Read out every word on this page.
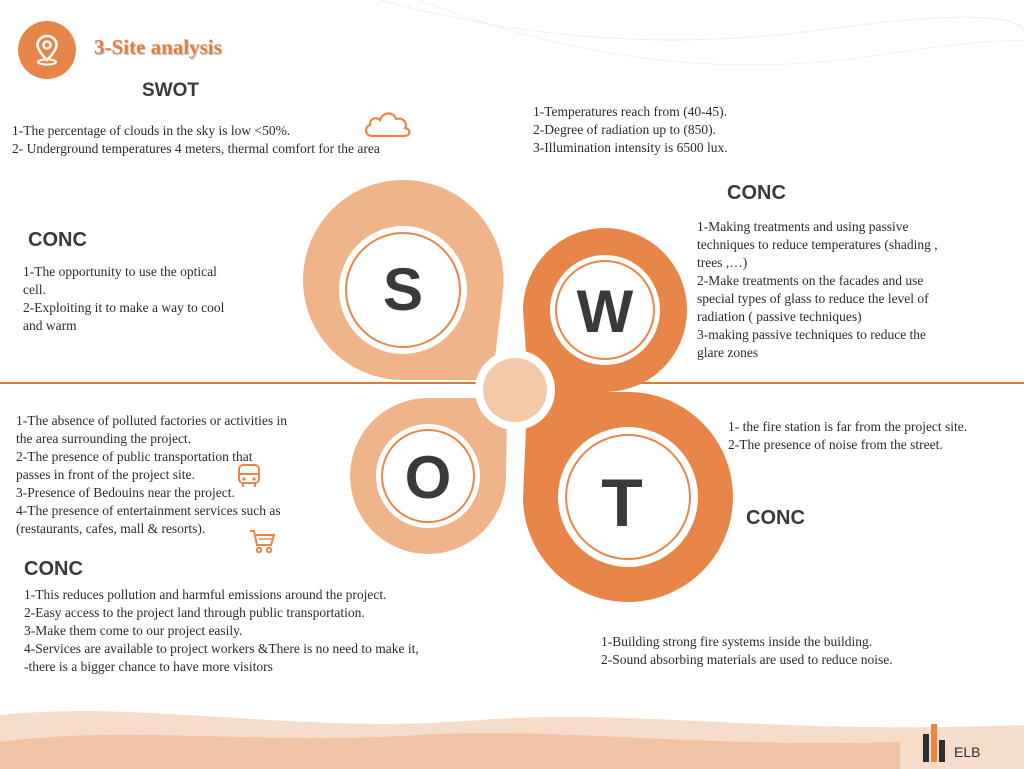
3-Site analysis
SWOT
1-The percentage of clouds in the sky is low <50%.
2- Underground temperatures 4 meters, thermal comfort for the area
CONC
1-The opportunity to use the optical
cell.
2-Exploiting it to make a way to cool
and warm
1-Temperatures reach from (40-45).
2-Degree of radiation up to (850).
3-Illumination intensity is 6500 lux.
CONC
1-Making treatments and using passive
techniques to reduce temperatures (shading ,
trees ,…)
2-Make treatments on the facades and use
special types of glass to reduce the level of
radiation ( passive techniques)
3-making passive techniques to reduce the
glare zones
S	W
O T
1-The absence of polluted factories or activities in
the area surrounding the project.
2-The presence of public transportation that
passes in front of the project site.
3-Presence of Bedouins near the project.
4-The presence of entertainment services such as
(restaurants, cafes, mall & resorts).
CONC
1-This reduces pollution and harmful emissions around the project.
2-Easy access to the project land through public transportation.
3-Make them come to our project easily.
4-Services are available to project workers &There is no need to make it,
-there is a bigger chance to have more visitors
1- the fire station is far from the project site.
2-The presence of noise from the street.
CONC
1-Building strong fire systems inside the building.
2-Sound absorbing materials are used to reduce noise.
ELB
